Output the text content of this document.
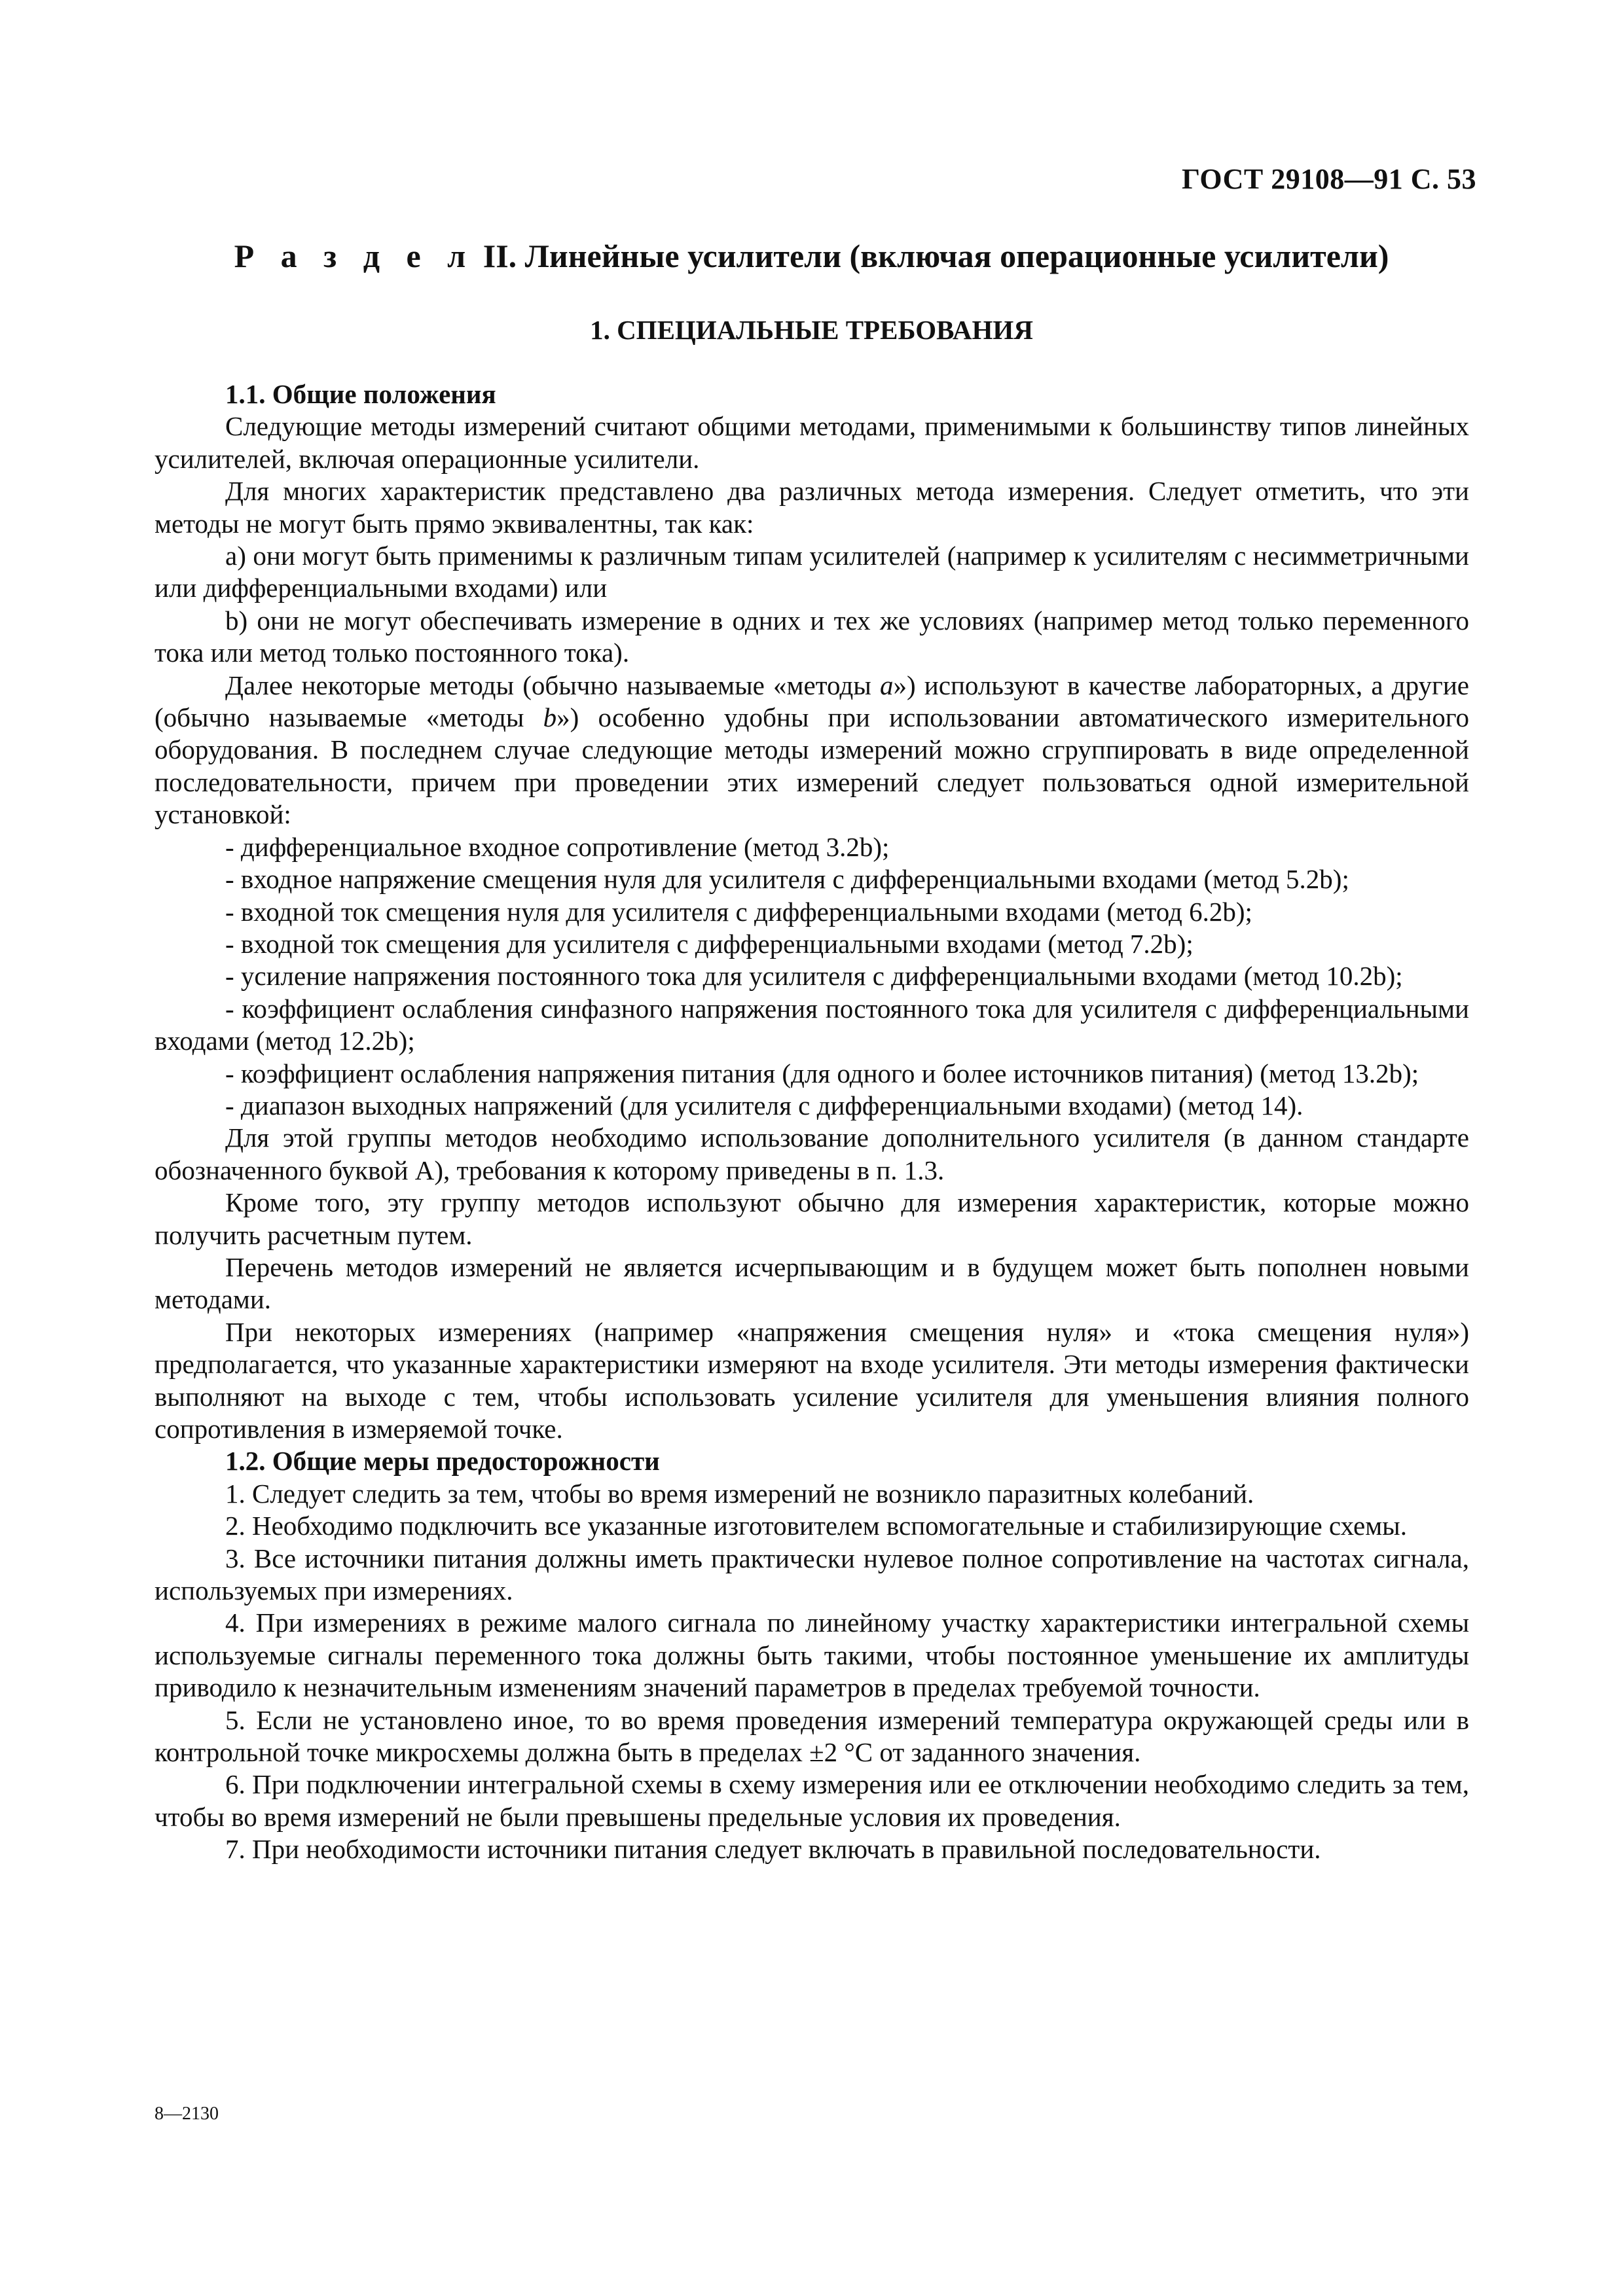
ГОСТ 29108—91 С. 53
Р а з д е л II. Линейные усилители (включая операционные усилители)
1. СПЕЦИАЛЬНЫЕ ТРЕБОВАНИЯ
1.1. Общие положения

Следующие методы измерений считают общими методами, применимыми к большинству типов линейных усилителей, включая операционные усилители.

Для многих характеристик представлено два различных метода измерения. Следует отметить, что эти методы не могут быть прямо эквивалентны, так как:

а) они могут быть применимы к различным типам усилителей (например к усилителям с несимметричными или дифференциальными входами) или

b) они не могут обеспечивать измерение в одних и тех же условиях (например метод только переменного тока или метод только постоянного тока).

Далее некоторые методы (обычно называемые «методы a») используют в качестве лабораторных, а другие (обычно называемые «методы b») особенно удобны при использовании автоматического измерительного оборудования. В последнем случае следующие методы измерений можно сгруппировать в виде определенной последовательности, причем при проведении этих измерений следует пользоваться одной измерительной установкой:

- дифференциальное входное сопротивление (метод 3.2b);

- входное напряжение смещения нуля для усилителя с дифференциальными входами (метод 5.2b);

- входной ток смещения нуля для усилителя с дифференциальными входами (метод 6.2b);

- входной ток смещения для усилителя с дифференциальными входами (метод 7.2b);

- усиление напряжения постоянного тока для усилителя с дифференциальными входами (метод 10.2b);

- коэффициент ослабления синфазного напряжения постоянного тока для усилителя с дифференциальными входами (метод 12.2b);

- коэффициент ослабления напряжения питания (для одного и более источников питания) (метод 13.2b);

- диапазон выходных напряжений (для усилителя с дифференциальными входами) (метод 14).

Для этой группы методов необходимо использование дополнительного усилителя (в данном стандарте обозначенного буквой А), требования к которому приведены в п. 1.3.

Кроме того, эту группу методов используют обычно для измерения характеристик, которые можно получить расчетным путем.

Перечень методов измерений не является исчерпывающим и в будущем может быть пополнен новыми методами.

При некоторых измерениях (например «напряжения смещения нуля» и «тока смещения нуля») предполагается, что указанные характеристики измеряют на входе усилителя. Эти методы измерения фактически выполняют на выходе с тем, чтобы использовать усиление усилителя для уменьшения влияния полного сопротивления в измеряемой точке.

1.2. Общие меры предосторожности

1. Следует следить за тем, чтобы во время измерений не возникло паразитных колебаний.

2. Необходимо подключить все указанные изготовителем вспомогательные и стабилизирующие схемы.

3. Все источники питания должны иметь практически нулевое полное сопротивление на частотах сигнала, используемых при измерениях.

4. При измерениях в режиме малого сигнала по линейному участку характеристики интегральной схемы используемые сигналы переменного тока должны быть такими, чтобы постоянное уменьшение их амплитуды приводило к незначительным изменениям значений параметров в пределах требуемой точности.

5. Если не установлено иное, то во время проведения измерений температура окружающей среды или в контрольной точке микросхемы должна быть в пределах ±2 °С от заданного значения.

6. При подключении интегральной схемы в схему измерения или ее отключении необходимо следить за тем, чтобы во время измерений не были превышены предельные условия их проведения.

7. При необходимости источники питания следует включать в правильной последовательности.

8—2130
